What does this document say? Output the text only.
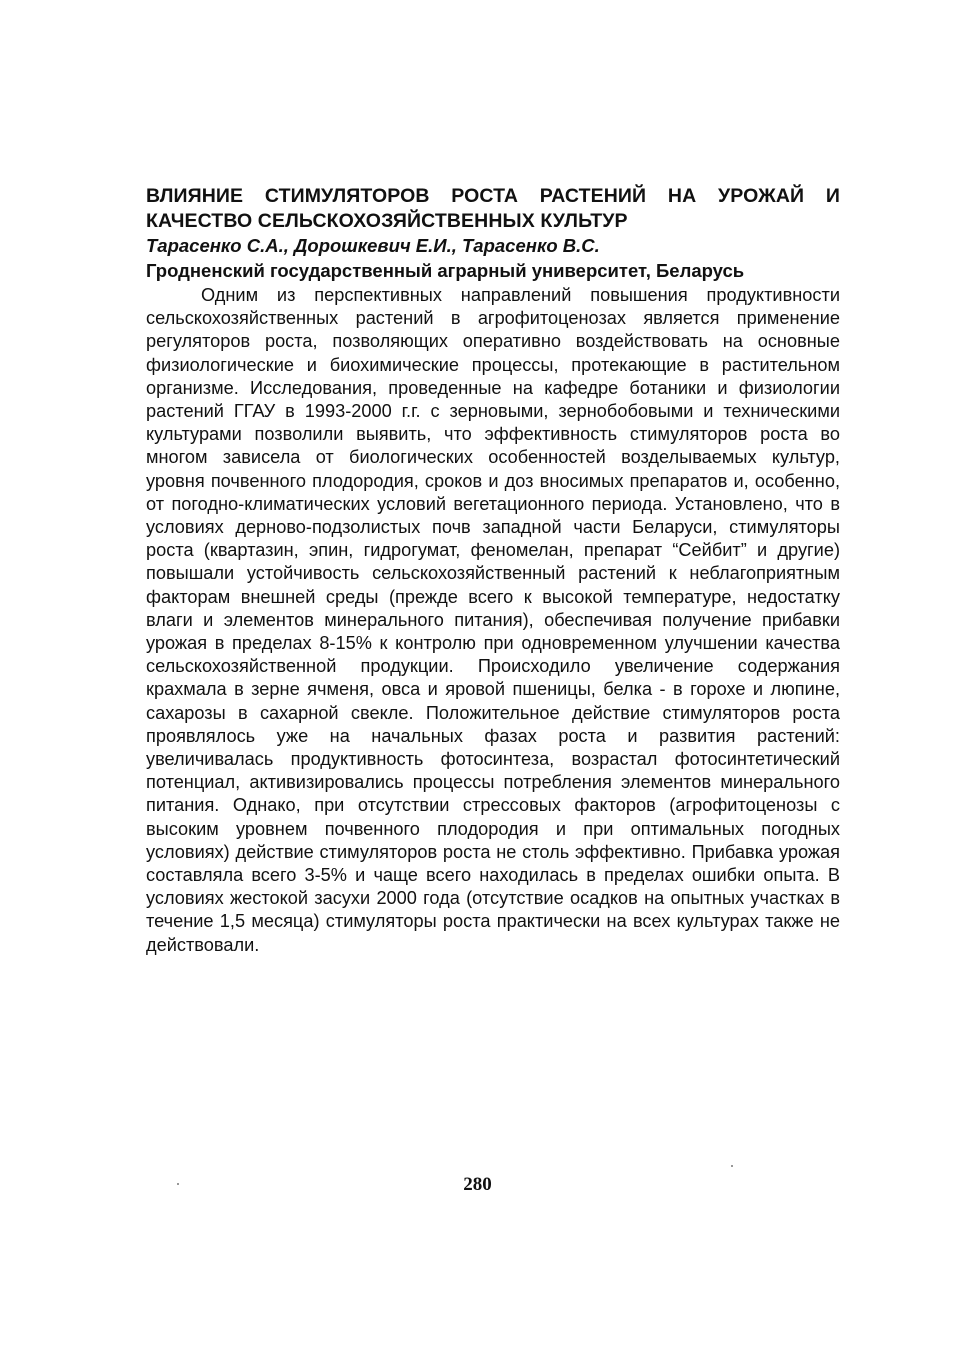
ВЛИЯНИЕ СТИМУЛЯТОРОВ РОСТА РАСТЕНИЙ НА УРОЖАЙ И КАЧЕСТВО СЕЛЬСКОХОЗЯЙСТВЕННЫХ КУЛЬТУР

Тарасенко С.А., Дорошкевич Е.И., Тарасенко В.С.

Гродненский государственный аграрный университет, Беларусь

Одним из перспективных направлений повышения продуктивности сельскохозяйственных растений в агрофитоценозах является применение регуляторов роста, позволяющих оперативно воздействовать на основные физиологические и биохимические процессы, протекающие в растительном организме. Исследования, проведенные на кафедре ботаники и физиологии растений ГГАУ в 1993-2000 г.г. с зерновыми, зернобобовыми и техническими культурами позволили выявить, что эффективность стимуляторов роста во многом зависела от биологических особенностей возделываемых культур, уровня почвенного плодородия, сроков и доз вносимых препаратов и, особенно, от погодно-климатических условий вегетационного периода. Установлено, что в условиях дерново-подзолистых почв западной части Беларуси, стимуляторы роста (квартазин, эпин, гидрогумат, феномелан, препарат “Сейбит” и другие) повышали устойчивость сельскохозяйственный растений к неблагоприятным факторам внешней среды (прежде всего к высокой температуре, недостатку влаги и элементов минерального питания), обеспечивая получение прибавки урожая в пределах 8-15% к контролю при одновременном улучшении качества сельскохозяйственной продукции. Происходило увеличение содержания крахмала в зерне ячменя, овса и яровой пшеницы, белка - в горохе и люпине, сахарозы в сахарной свекле. Положительное действие стимуляторов роста проявлялось уже на начальных фазах роста и развития растений: увеличивалась продуктивность фотосинтеза, возрастал фотосинтетический потенциал, активизировались процессы потребления элементов минерального питания. Однако, при отсутствии стрессовых факторов (агрофитоценозы с высоким уровнем почвенного плодородия и при оптимальных погодных условиях) действие стимуляторов роста не столь эффективно. Прибавка урожая составляла всего 3-5% и чаще всего находилась в пределах ошибки опыта. В условиях жестокой засухи 2000 года (отсутствие осадков на опытных участках в течение 1,5 месяца) стимуляторы роста практически на всех культурах также не действовали.

280
